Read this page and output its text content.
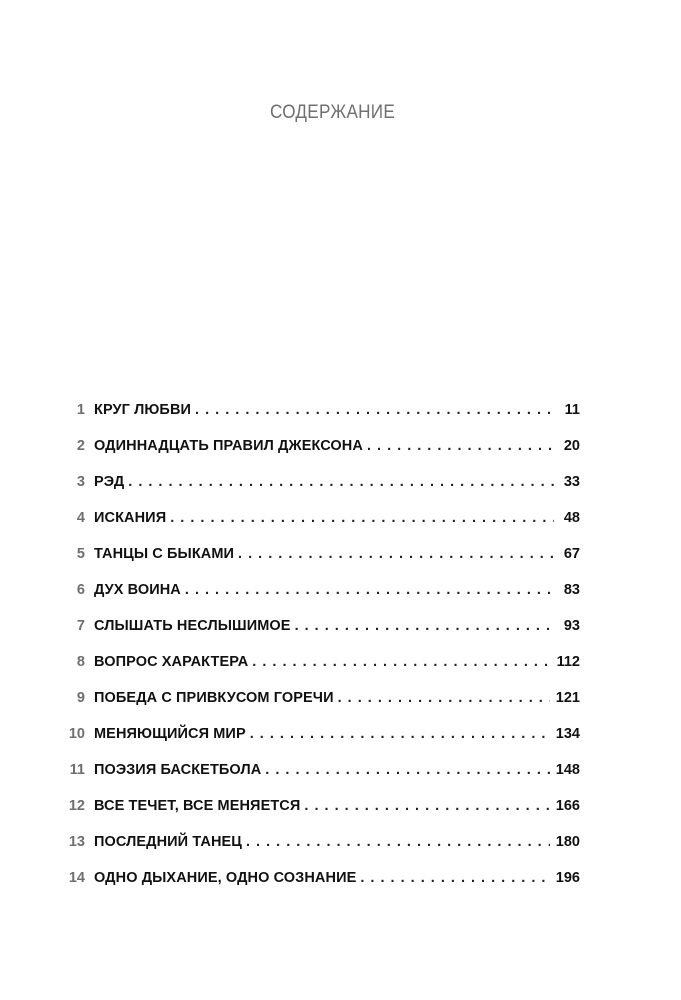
СОДЕРЖАНИЕ
1 КРУГ ЛЮБВИ . . .	11
2 ОДИННАДЦАТЬ ПРАВИЛ ДЖЕКСОНА . . .	20
3 РЭД . . .	33
4 ИСКАНИЯ . . .	48
5 ТАНЦЫ С БЫКАМИ . . .	67
6 ДУХ ВОИНА . . .	83
7 СЛЫШАТЬ НЕСЛЫШИМОЕ . . .	93
8 ВОПРОС ХАРАКТЕРА . . .	112
9 ПОБЕДА С ПРИВКУСОМ ГОРЕЧИ . . .	121
10 МЕНЯЮЩИЙСЯ МИР . . .	134
11 ПОЭЗИЯ БАСКЕТБОЛА . . .	148
12 ВСЕ ТЕЧЕТ, ВСЕ МЕНЯЕТСЯ . . .	166
13 ПОСЛЕДНИЙ ТАНЕЦ . . .	180
14 ОДНО ДЫХАНИЕ, ОДНО СОЗНАНИЕ . . .	196
